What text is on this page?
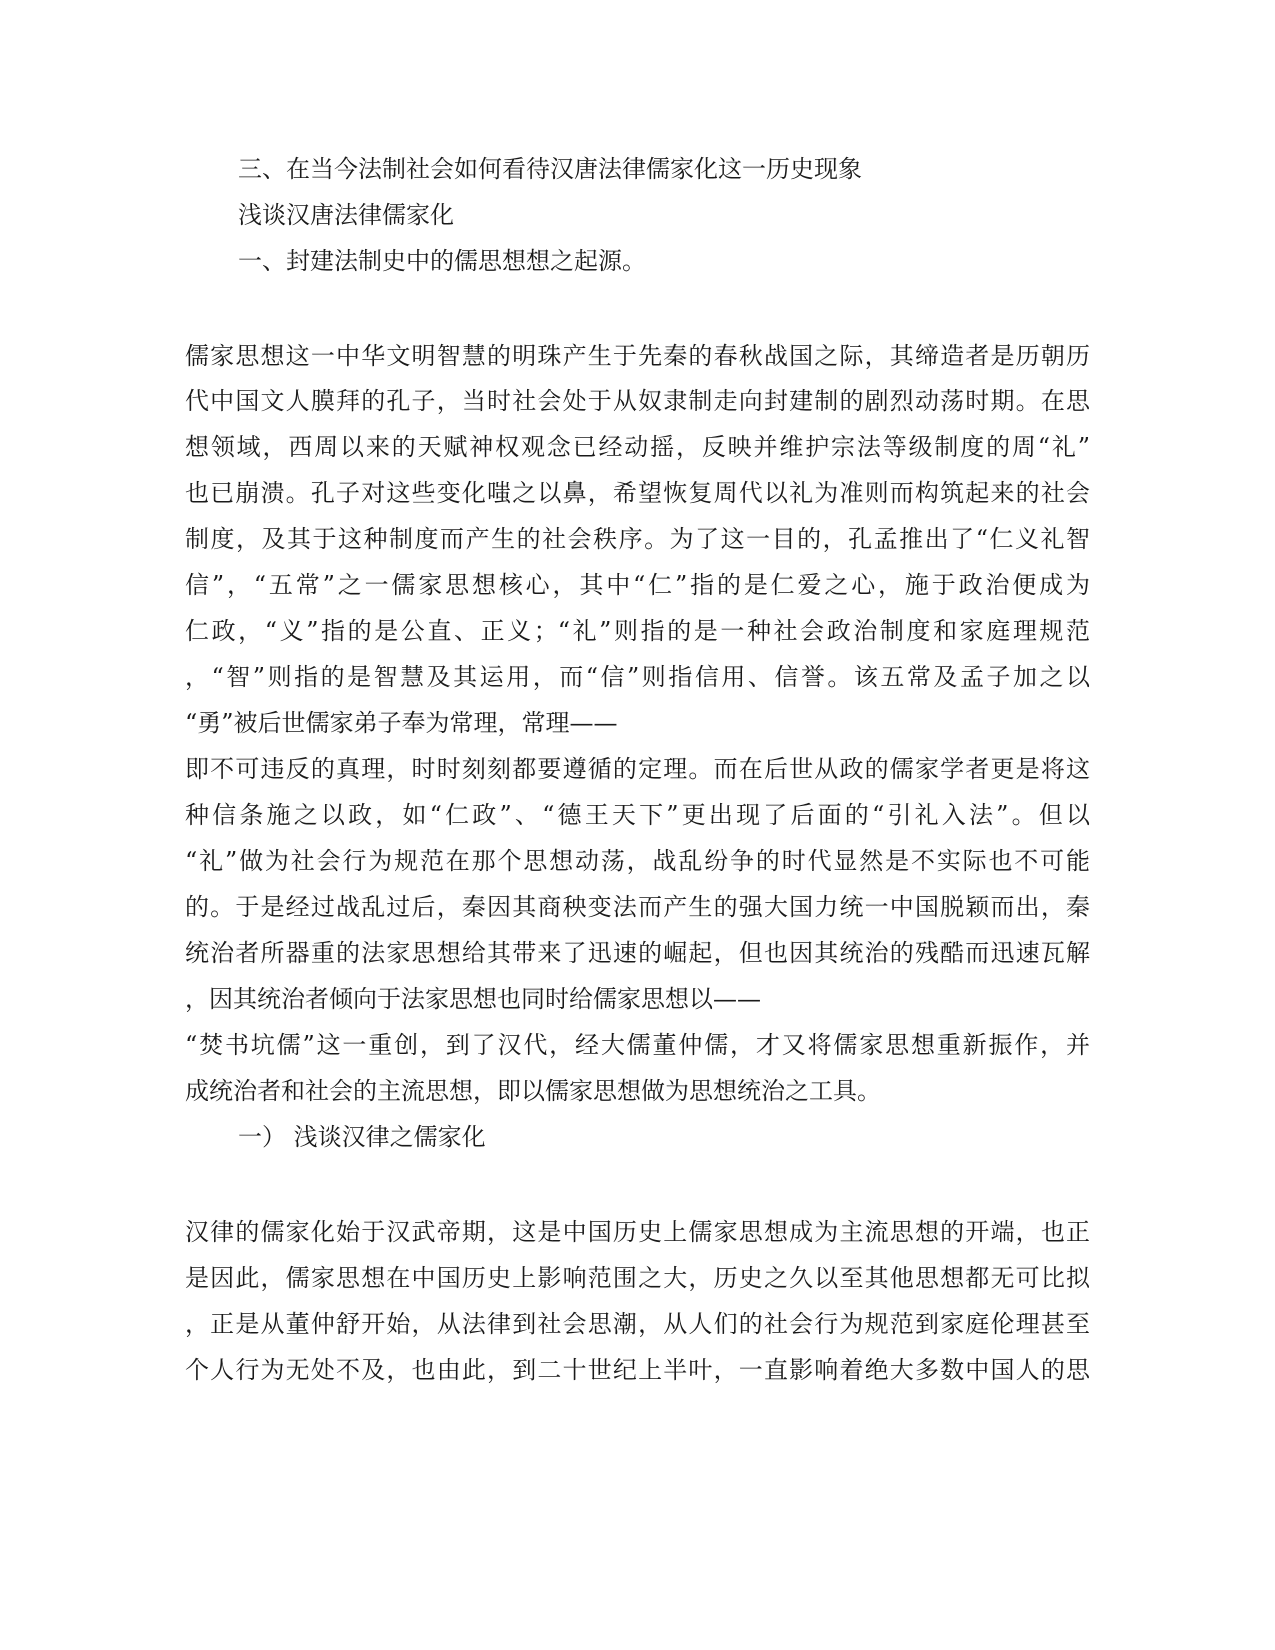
三、在当今法制社会如何看待汉唐法律儒家化这一历史现象
浅谈汉唐法律儒家化
一、封建法制史中的儒思想想之起源。
儒家思想这一中华文明智慧的明珠产生于先秦的春秋战国之际，其缔造者是历朝历
代中国文人膜拜的孔子，当时社会处于从奴隶制走向封建制的剧烈动荡时期。在思
想领域，西周以来的天赋神权观念已经动摇，反映并维护宗法等级制度的周“礼”
也已崩溃。孔子对这些变化嗤之以鼻，希望恢复周代以礼为准则而构筑起来的社会
制度，及其于这种制度而产生的社会秩序。为了这一目的，孔孟推出了“仁义礼智
信”，“五常”之一儒家思想核心，其中“仁”指的是仁爱之心，施于政治便成为
仁政，“义”指的是公直、正义；“礼”则指的是一种社会政治制度和家庭理规范
，“智”则指的是智慧及其运用，而“信”则指信用、信誉。该五常及孟子加之以
“勇”被后世儒家弟子奉为常理，常理——
即不可违反的真理，时时刻刻都要遵循的定理。而在后世从政的儒家学者更是将这
种信条施之以政，如“仁政”、“德王天下”更出现了后面的“引礼入法”。但以
“礼”做为社会行为规范在那个思想动荡，战乱纷争的时代显然是不实际也不可能
的。于是经过战乱过后，秦因其商秧变法而产生的强大国力统一中国脱颖而出，秦
统治者所器重的法家思想给其带来了迅速的崛起，但也因其统治的残酷而迅速瓦解
，因其统治者倾向于法家思想也同时给儒家思想以——
“焚书坑儒”这一重创，到了汉代，经大儒董仲儒，才又将儒家思想重新振作，并
成统治者和社会的主流思想，即以儒家思想做为思想统治之工具。
一） 浅谈汉律之儒家化
汉律的儒家化始于汉武帝期，这是中国历史上儒家思想成为主流思想的开端，也正
是因此，儒家思想在中国历史上影响范围之大，历史之久以至其他思想都无可比拟
，正是从董仲舒开始，从法律到社会思潮，从人们的社会行为规范到家庭伦理甚至
个人行为无处不及，也由此，到二十世纪上半叶，一直影响着绝大多数中国人的思
